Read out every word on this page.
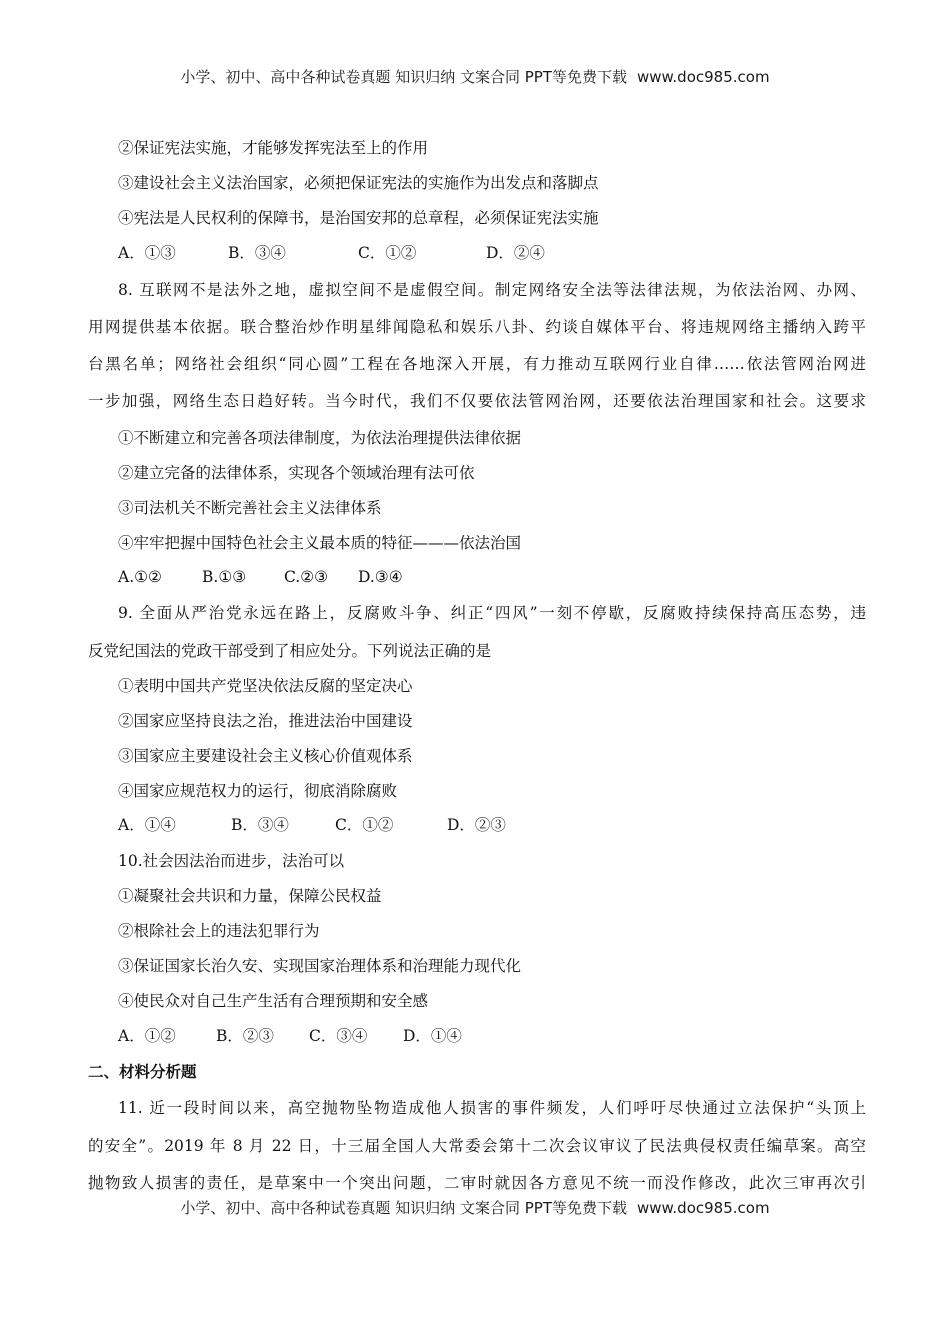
小学、初中、高中各种试卷真题 知识归纳 文案合同 PPT等免费下载 www.doc985.com
②保证宪法实施，才能够发挥宪法至上的作用
③建设社会主义法治国家，必须把保证宪法的实施作为出发点和落脚点
④宪法是人民权利的保障书，是治国安邦的总章程，必须保证宪法实施
A．①③	B．③④	C．①②	D．②④
8. 互联网不是法外之地，虚拟空间不是虚假空间。制定网络安全法等法律法规，为依法治网、办网、
用网提供基本依据。联合整治炒作明星绯闻隐私和娱乐八卦、约谈自媒体平台、将违规网络主播纳入跨平
台黑名单；网络社会组织“同心圆”工程在各地深入开展，有力推动互联网行业自律……依法管网治网进
一步加强，网络生态日趋好转。当今时代，我们不仅要依法管网治网，还要依法治理国家和社会。这要求
①不断建立和完善各项法律制度，为依法治理提供法律依据
②建立完备的法律体系，实现各个领域治理有法可依
③司法机关不断完善社会主义法律体系
④牢牢把握中国特色社会主义最本质的特征———依法治国
A.①②	B.①③ C.②③ D.③④
9. 全面从严治党永远在路上，反腐败斗争、纠正“四风”一刻不停歇，反腐败持续保持高压态势，违
反党纪国法的党政干部受到了相应处分。下列说法正确的是
①表明中国共产党坚决依法反腐的坚定决心
②国家应坚持良法之治，推进法治中国建设
③国家应主要建设社会主义核心价值观体系
④国家应规范权力的运行，彻底消除腐败
A．①④	B．③④	C．①②	D．②③
10.社会因法治而进步，法治可以
①凝聚社会共识和力量，保障公民权益
②根除社会上的违法犯罪行为
③保证国家长治久安、实现国家治理体系和治理能力现代化
④使民众对自己生产生活有合理预期和安全感
A．①②	B．②③ C．③④ D．①④
二、材料分析题
11. 近一段时间以来，高空抛物坠物造成他人损害的事件频发，人们呼吁尽快通过立法保护“头顶上
的安全”。2019 年 8 月 22 日，十三届全国人大常委会第十二次会议审议了民法典侵权责任编草案。高空
抛物致人损害的责任，是草案中一个突出问题，二审时就因各方意见不统一而没作修改，此次三审再次引
小学、初中、高中各种试卷真题 知识归纳 文案合同 PPT等免费下载 www.doc985.com
